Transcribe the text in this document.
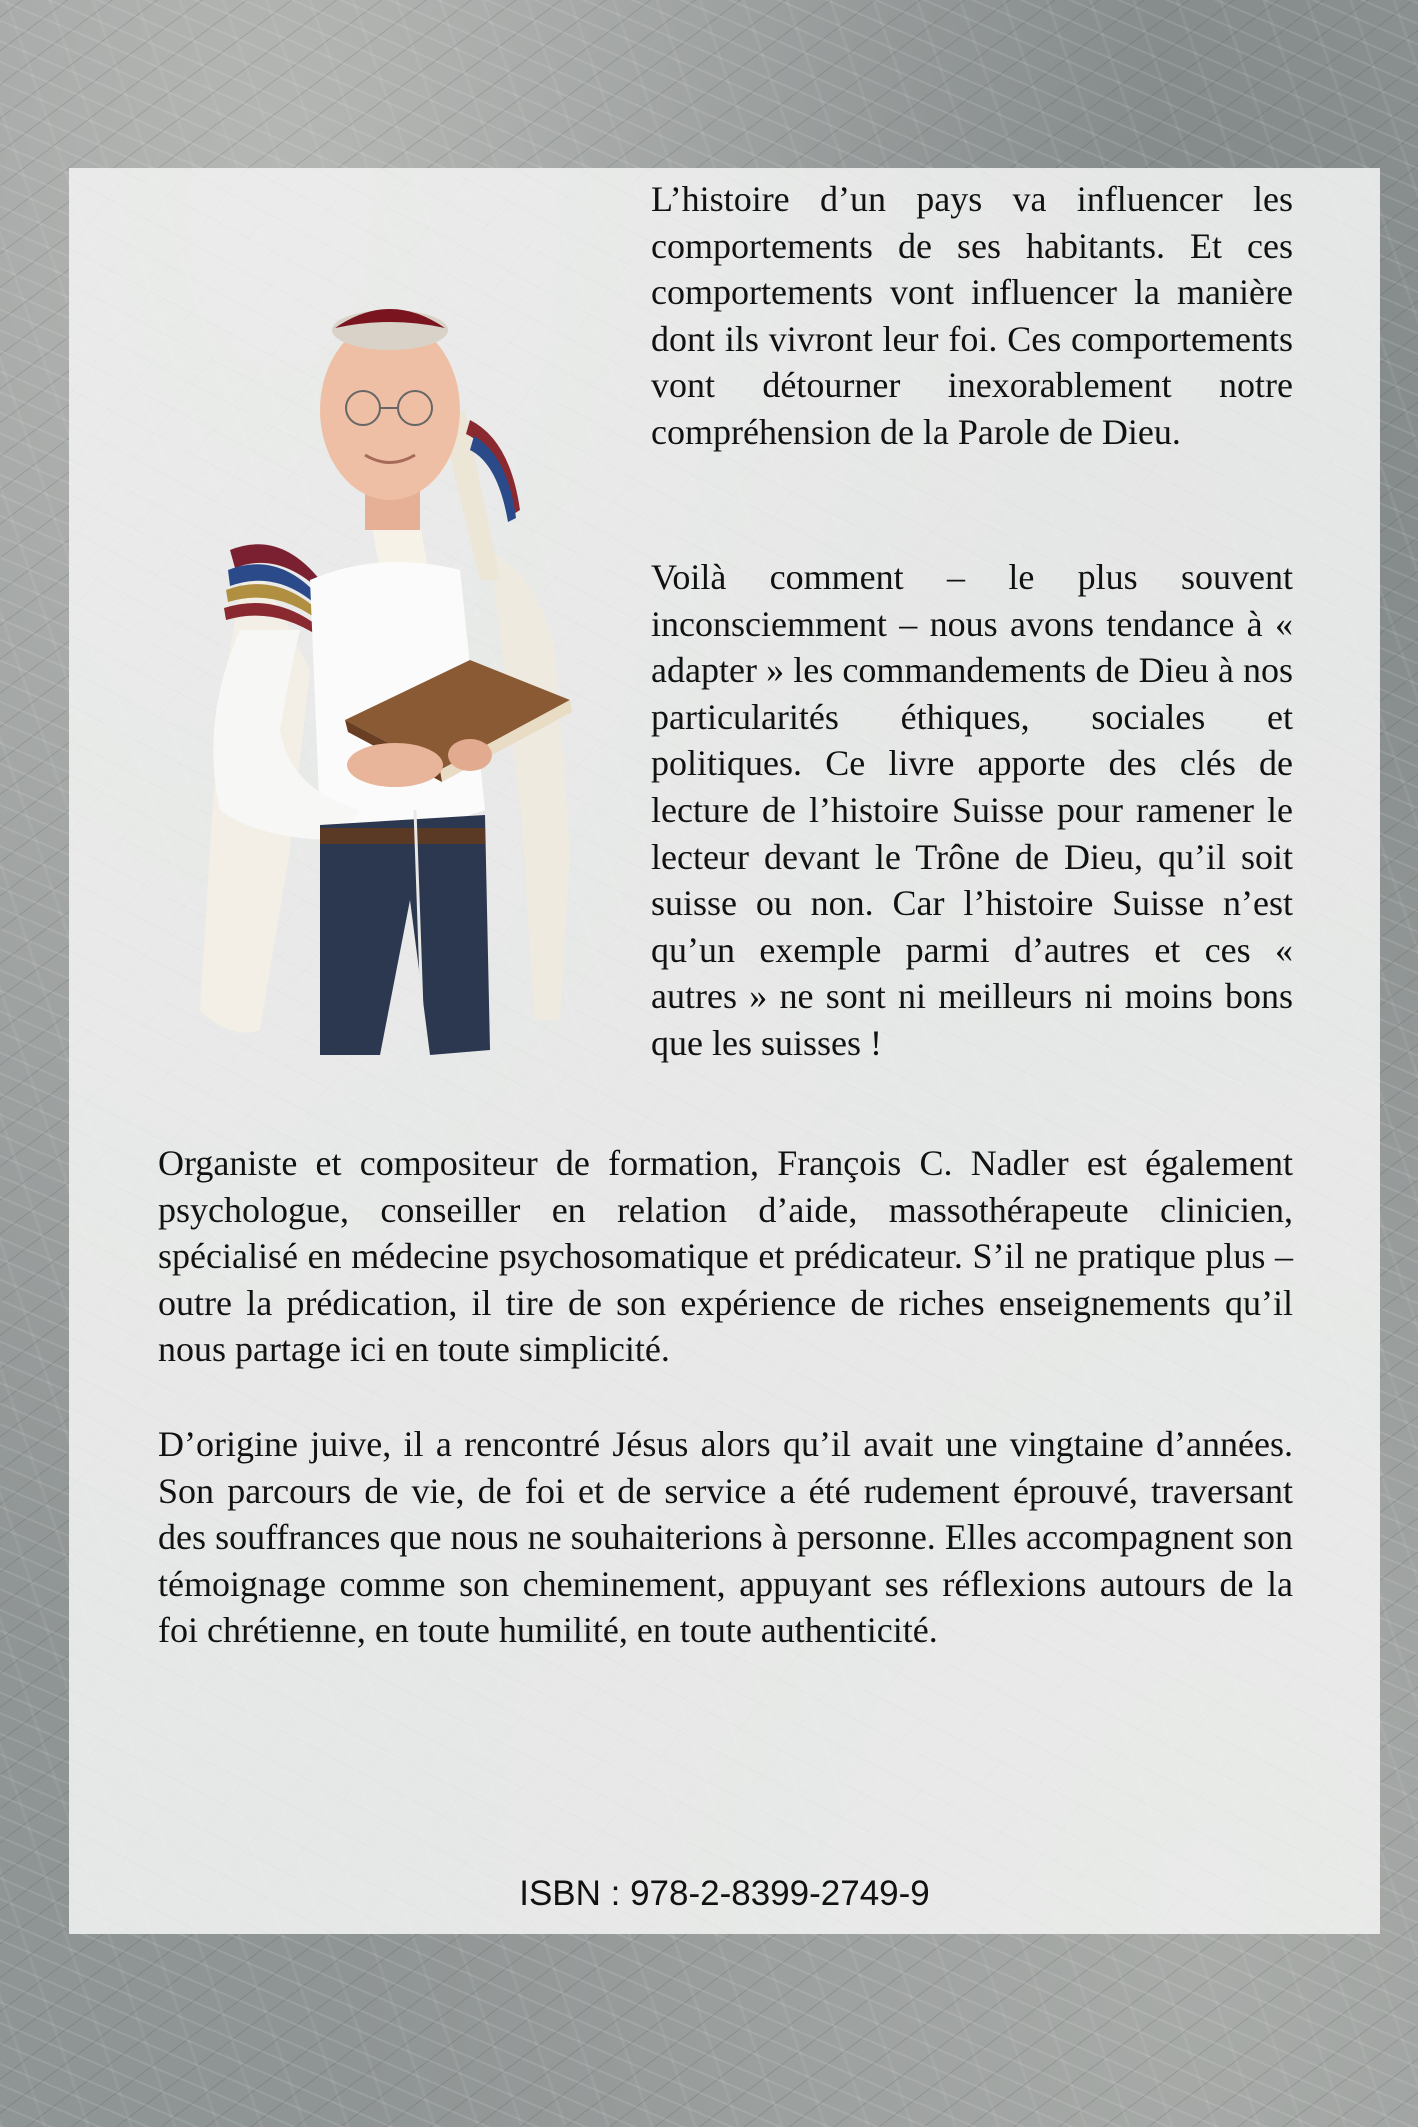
L’histoire d’un pays va influencer les comportements de ses habitants. Et ces comportements vont influencer la manière dont ils vivront leur foi. Ces comportements vont détourner inexorablement notre compréhension de la Parole de Dieu.

Voilà comment – le plus souvent inconsciemment – nous avons tendance à « adapter » les commandements de Dieu à nos particularités éthiques, sociales et politiques. Ce livre apporte des clés de lecture de l’histoire Suisse pour ramener le lecteur devant le Trône de Dieu, qu’il soit suisse ou non. Car l’histoire Suisse n’est qu’un exemple parmi d’autres et ces « autres » ne sont ni meilleurs ni moins bons que les suisses !

Organiste et compositeur de formation, François C. Nadler est également psychologue, conseiller en relation d’aide, massothérapeute clinicien, spécialisé en médecine psychosomatique et prédicateur. S’il ne pratique plus – outre la prédication, il tire de son expérience de riches enseignements qu’il nous partage ici en toute simplicité.

D’origine juive, il a rencontré Jésus alors qu’il avait une vingtaine d’années. Son parcours de vie, de foi et de service a été rudement éprouvé, traversant des souffrances que nous ne souhaiterions à personne. Elles accompagnent son témoignage comme son cheminement, appuyant ses réflexions autours de la foi chrétienne, en toute humilité, en toute authenticité.

ISBN : 978-2-8399-2749-9
